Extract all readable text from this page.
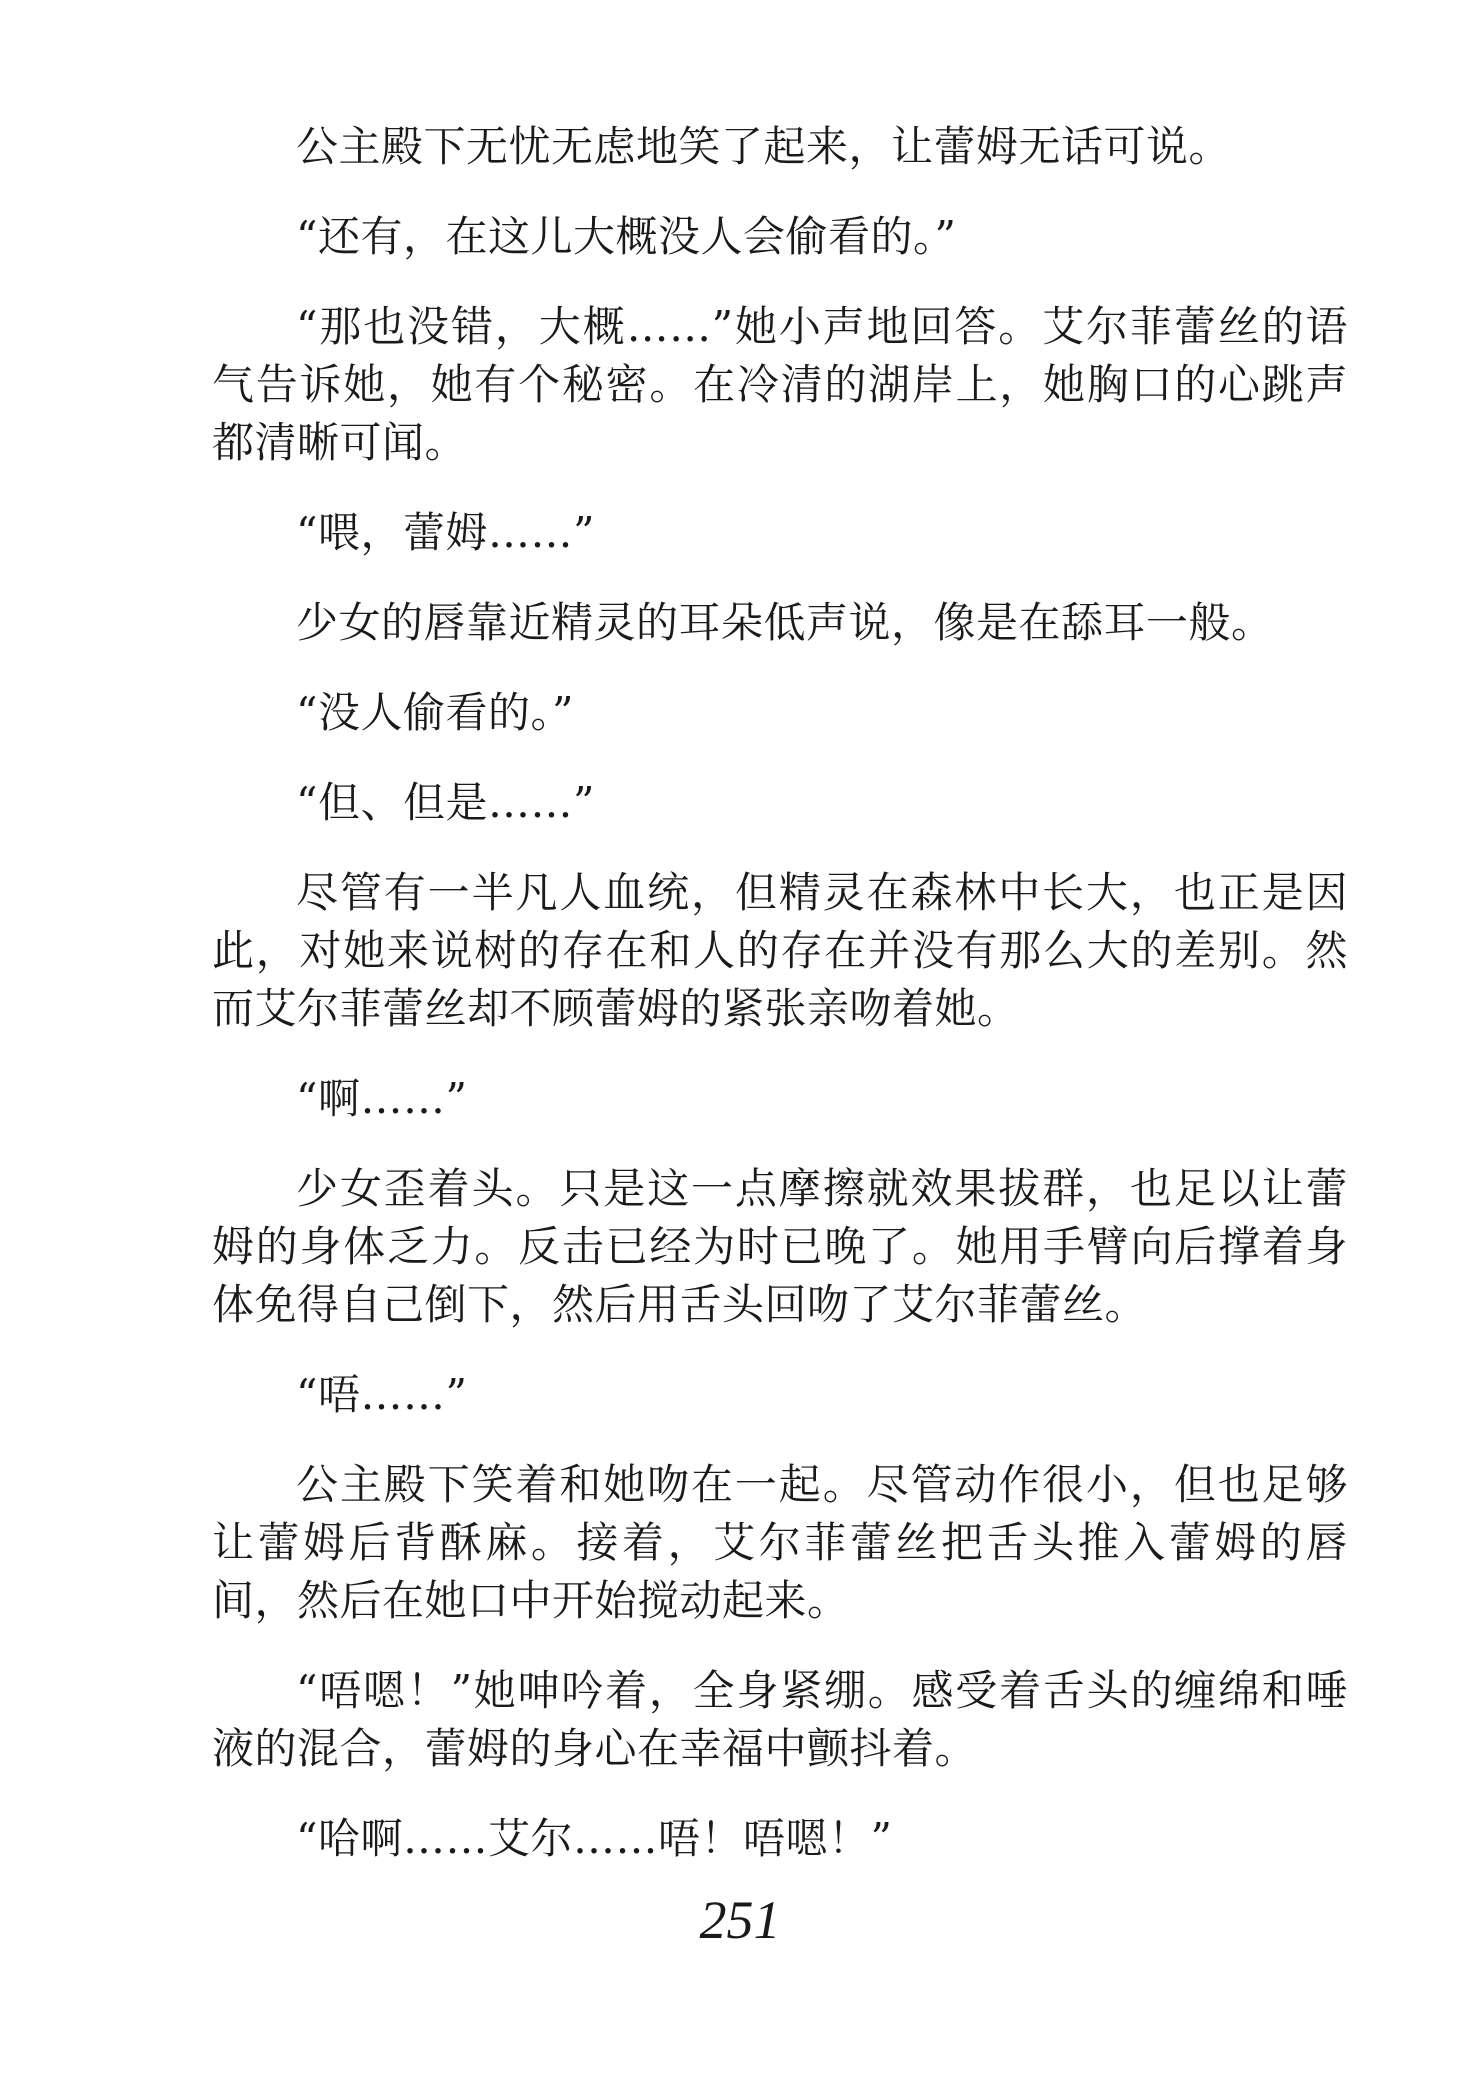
公主殿下无忧无虑地笑了起来，让蕾姆无话可说。

“还有，在这儿大概没人会偷看的。”

“那也没错，大概……”她小声地回答。艾尔菲蕾丝的语气告诉她，她有个秘密。在冷清的湖岸上，她胸口的心跳声都清晰可闻。

“喂，蕾姆……”

少女的唇靠近精灵的耳朵低声说，像是在舔耳一般。

“没人偷看的。”

“但、但是……”

尽管有一半凡人血统，但精灵在森林中长大，也正是因此，对她来说树的存在和人的存在并没有那么大的差别。然而艾尔菲蕾丝却不顾蕾姆的紧张亲吻着她。

“啊……”

少女歪着头。只是这一点摩擦就效果拔群，也足以让蕾姆的身体乏力。反击已经为时已晚了。她用手臂向后撑着身体免得自己倒下，然后用舌头回吻了艾尔菲蕾丝。

“唔……”

公主殿下笑着和她吻在一起。尽管动作很小，但也足够让蕾姆后背酥麻。接着，艾尔菲蕾丝把舌头推入蕾姆的唇间，然后在她口中开始搅动起来。

“唔嗯！”她呻吟着，全身紧绷。感受着舌头的缠绵和唾液的混合，蕾姆的身心在幸福中颤抖着。

“哈啊……艾尔……唔！唔嗯！”

251
